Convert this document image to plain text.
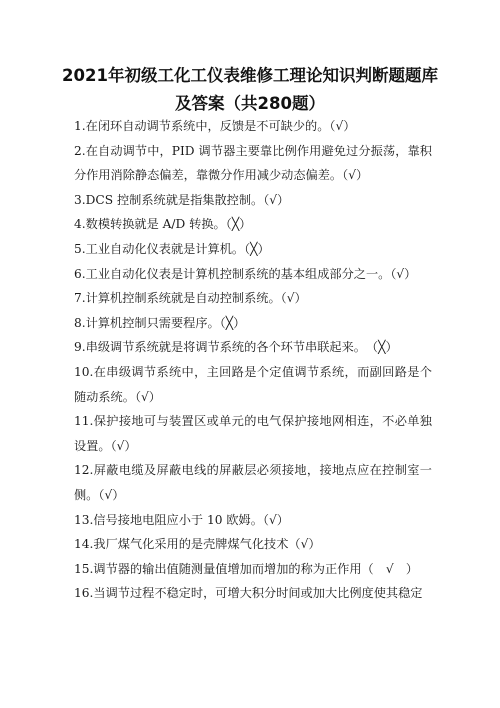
2021年初级工化工仪表维修工理论知识判断题题库
及答案（共280题）
1.在闭环自动调节系统中，反馈是不可缺少的。（√）
2.在自动调节中，PID 调节器主要靠比例作用避免过分振荡，靠积分作用消除静态偏差，靠微分作用减少动态偏差。（√）
3.DCS 控制系统就是指集散控制。（√）
4.数模转换就是 A/D 转换。（╳）
5.工业自动化仪表就是计算机。（╳）
6.工业自动化仪表是计算机控制系统的基本组成部分之一。（√）
7.计算机控制系统就是自动控制系统。（√）
8.计算机控制只需要程序。（╳）
9.串级调节系统就是将调节系统的各个环节串联起来。　（╳）
10.在串级调节系统中，主回路是个定值调节系统，而副回路是个随动系统。（√）
11.保护接地可与装置区或单元的电气保护接地网相连，不必单独设置。（√）
12.屏蔽电缆及屏蔽电线的屏蔽层必须接地，接地点应在控制室一侧。（√）
13.信号接地电阻应小于 10 欧姆。（√）
14.我厂煤气化采用的是壳牌煤气化技术（√）
15.调节器的输出值随测量值增加而增加的称为正作用（　√　）
16.当调节过程不稳定时，可增大积分时间或加大比例度使其稳定
